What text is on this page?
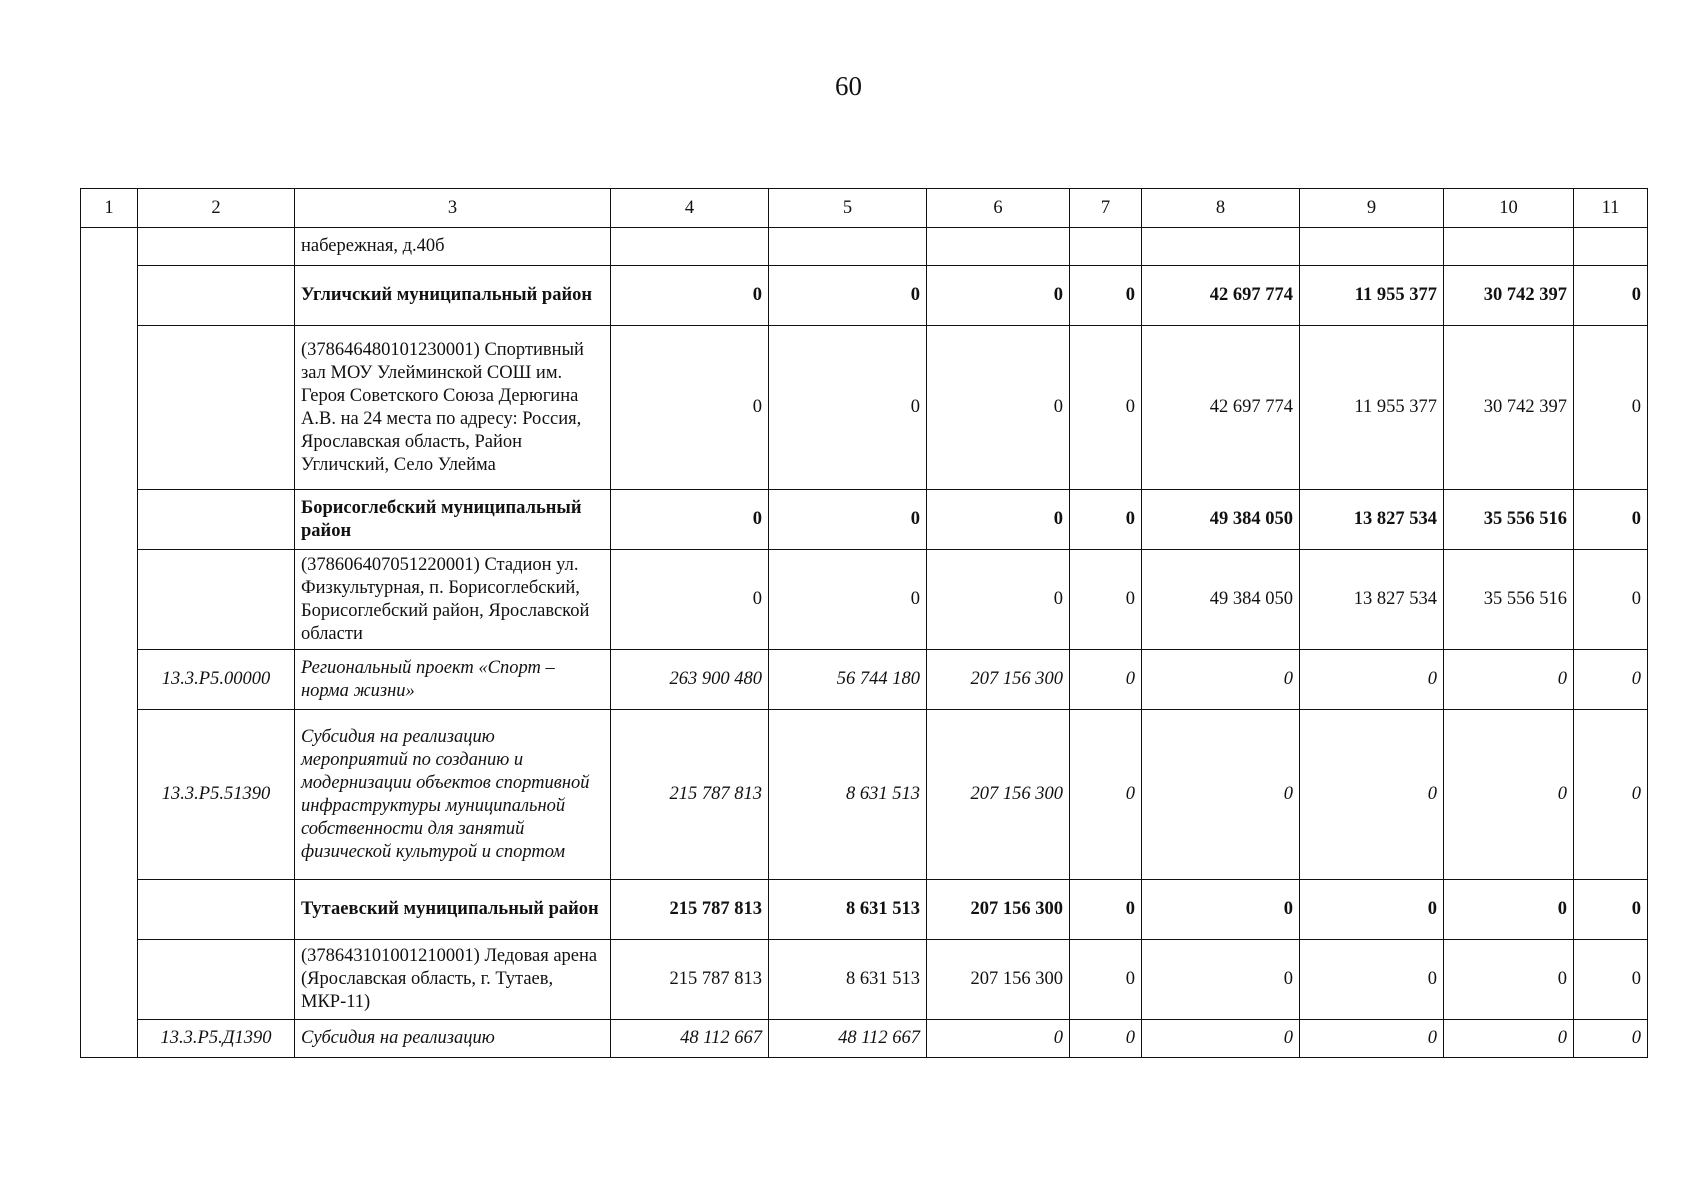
60
1	2	3	4	5	6	7	8	9	10	11
		набережная, д.40б								
		Угличский муниципальный район	0	0	0	0	42 697 774	11 955 377	30 742 397	0
		(378646480101230001) Спортивный зал МОУ Улейминской СОШ им. Героя Советского Союза Дерюгина А.В. на 24 места по адресу: Россия, Ярославская область, Район Угличский, Село Улейма	0	0	0	0	42 697 774	11 955 377	30 742 397	0
		Борисоглебский муниципальный район	0	0	0	0	49 384 050	13 827 534	35 556 516	0
		(378606407051220001) Стадион ул. Физкультурная, п. Борисоглебский, Борисоглебский район, Ярославской области	0	0	0	0	49 384 050	13 827 534	35 556 516	0
	13.3.Р5.00000	Региональный проект «Спорт – норма жизни»	263 900 480	56 744 180	207 156 300	0	0	0	0	0
	13.3.Р5.51390	Субсидия на реализацию мероприятий по созданию и модернизации объектов спортивной инфраструктуры муниципальной собственности для занятий физической культурой и спортом	215 787 813	8 631 513	207 156 300	0	0	0	0	0
		Тутаевский муниципальный район	215 787 813	8 631 513	207 156 300	0	0	0	0	0
		(378643101001210001) Ледовая арена (Ярославская область, г. Тутаев, МКР-11)	215 787 813	8 631 513	207 156 300	0	0	0	0	0
	13.3.Р5.Д1390	Субсидия на реализацию	48 112 667	48 112 667	0	0	0	0	0	0
